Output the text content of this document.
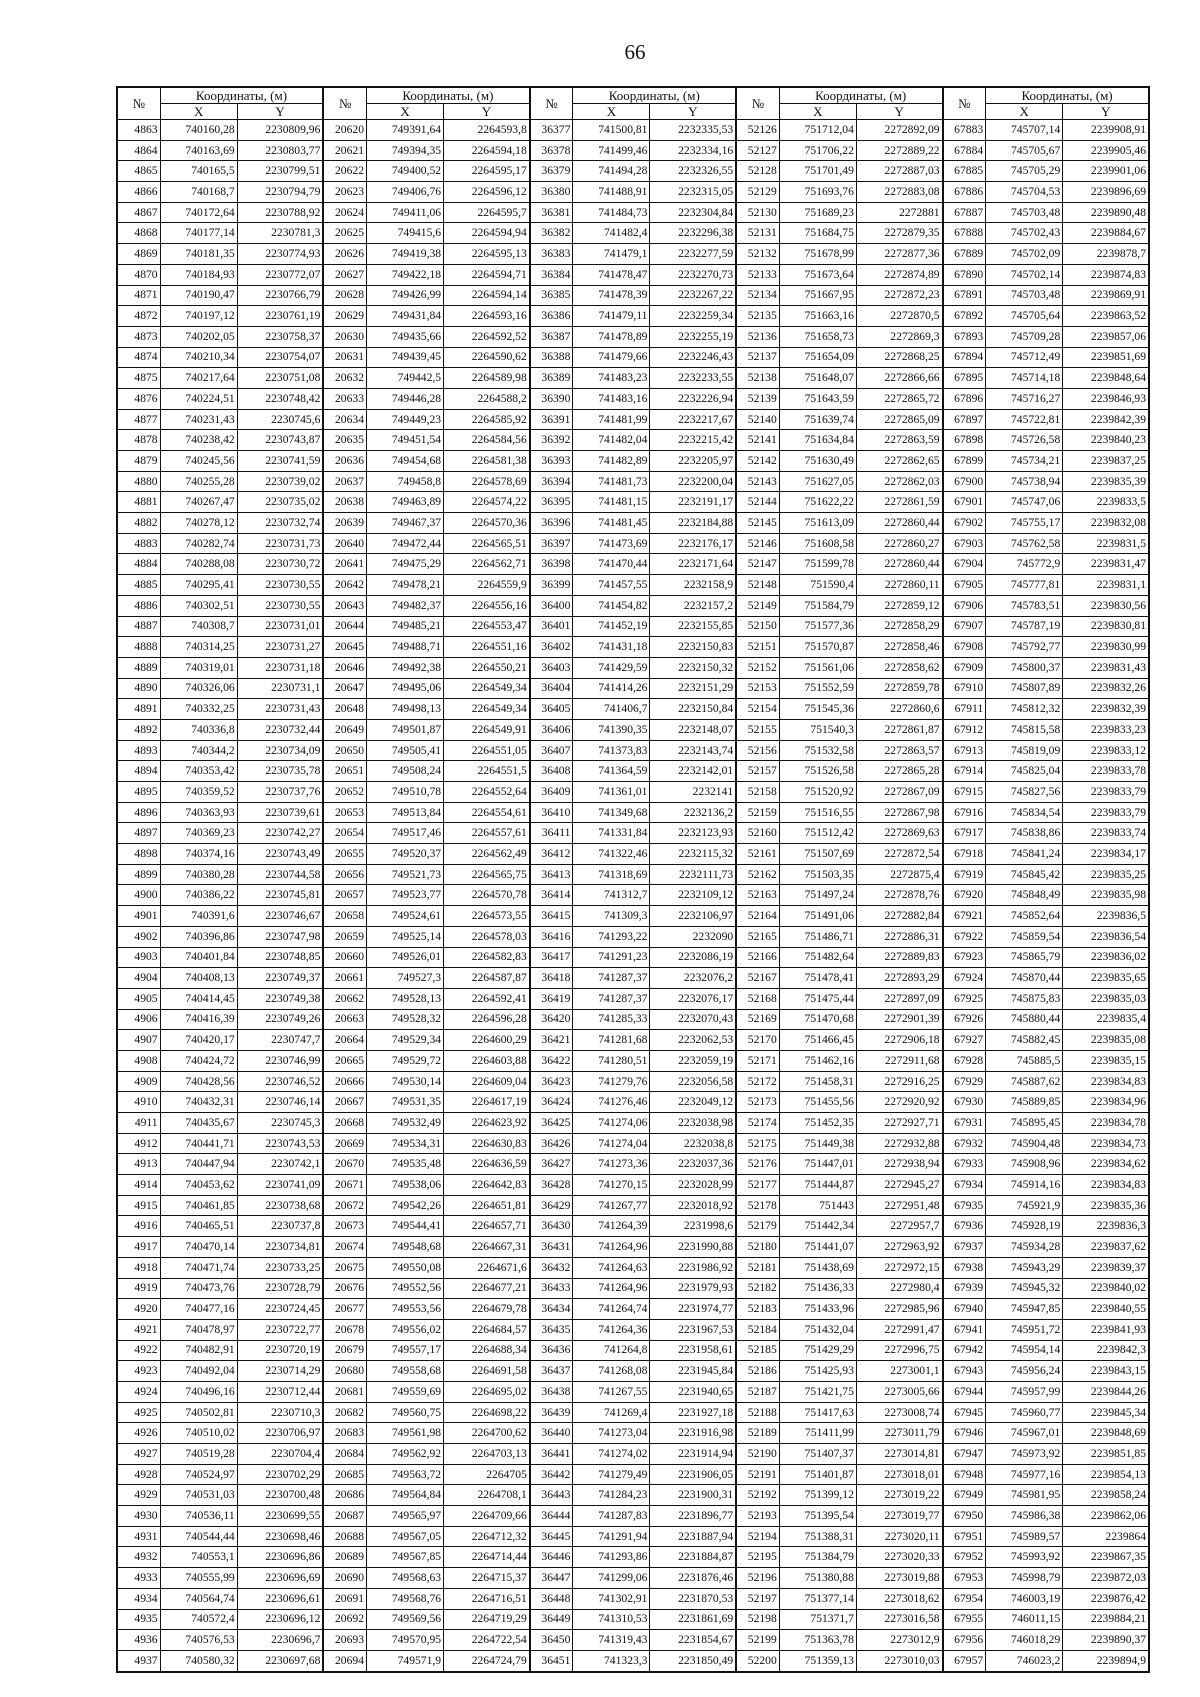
66
№	Координаты, (м)		№	Координаты, (м)		№	Координаты, (м)		№	Координаты, (м)		№	Координаты, (м)	
	X	Y		X	Y		X	Y		X	Y		X	Y
4863	740160,28	2230809,96	20620	749391,64	2264593,8	36377	741500,81	2232335,53	52126	751712,04	2272892,09	67883	745707,14	2239908,91
4864	740163,69	2230803,77	20621	749394,35	2264594,18	36378	741499,46	2232334,16	52127	751706,22	2272889,22	67884	745705,67	2239905,46
4865	740165,5	2230799,51	20622	749400,52	2264595,17	36379	741494,28	2232326,55	52128	751701,49	2272887,03	67885	745705,29	2239901,06
4866	740168,7	2230794,79	20623	749406,76	2264596,12	36380	741488,91	2232315,05	52129	751693,76	2272883,08	67886	745704,53	2239896,69
4867	740172,64	2230788,92	20624	749411,06	2264595,7	36381	741484,73	2232304,84	52130	751689,23	2272881	67887	745703,48	2239890,48
4868	740177,14	2230781,3	20625	749415,6	2264594,94	36382	741482,4	2232296,38	52131	751684,75	2272879,35	67888	745702,43	2239884,67
4869	740181,35	2230774,93	20626	749419,38	2264595,13	36383	741479,1	2232277,59	52132	751678,99	2272877,36	67889	745702,09	2239878,7
4870	740184,93	2230772,07	20627	749422,18	2264594,71	36384	741478,47	2232270,73	52133	751673,64	2272874,89	67890	745702,14	2239874,83
4871	740190,47	2230766,79	20628	749426,99	2264594,14	36385	741478,39	2232267,22	52134	751667,95	2272872,23	67891	745703,48	2239869,91
4872	740197,12	2230761,19	20629	749431,84	2264593,16	36386	741479,11	2232259,34	52135	751663,16	2272870,5	67892	745705,64	2239863,52
4873	740202,05	2230758,37	20630	749435,66	2264592,52	36387	741478,89	2232255,19	52136	751658,73	2272869,3	67893	745709,28	2239857,06
4874	740210,34	2230754,07	20631	749439,45	2264590,62	36388	741479,66	2232246,43	52137	751654,09	2272868,25	67894	745712,49	2239851,69
4875	740217,64	2230751,08	20632	749442,5	2264589,98	36389	741483,23	2232233,55	52138	751648,07	2272866,66	67895	745714,18	2239848,64
4876	740224,51	2230748,42	20633	749446,28	2264588,2	36390	741483,16	2232226,94	52139	751643,59	2272865,72	67896	745716,27	2239846,93
4877	740231,43	2230745,6	20634	749449,23	2264585,92	36391	741481,99	2232217,67	52140	751639,74	2272865,09	67897	745722,81	2239842,39
4878	740238,42	2230743,87	20635	749451,54	2264584,56	36392	741482,04	2232215,42	52141	751634,84	2272863,59	67898	745726,58	2239840,23
4879	740245,56	2230741,59	20636	749454,68	2264581,38	36393	741482,89	2232205,97	52142	751630,49	2272862,65	67899	745734,21	2239837,25
4880	740255,28	2230739,02	20637	749458,8	2264578,69	36394	741481,73	2232200,04	52143	751627,05	2272862,03	67900	745738,94	2239835,39
4881	740267,47	2230735,02	20638	749463,89	2264574,22	36395	741481,15	2232191,17	52144	751622,22	2272861,59	67901	745747,06	2239833,5
4882	740278,12	2230732,74	20639	749467,37	2264570,36	36396	741481,45	2232184,88	52145	751613,09	2272860,44	67902	745755,17	2239832,08
4883	740282,74	2230731,73	20640	749472,44	2264565,51	36397	741473,69	2232176,17	52146	751608,58	2272860,27	67903	745762,58	2239831,5
4884	740288,08	2230730,72	20641	749475,29	2264562,71	36398	741470,44	2232171,64	52147	751599,78	2272860,44	67904	745772,9	2239831,47
4885	740295,41	2230730,55	20642	749478,21	2264559,9	36399	741457,55	2232158,9	52148	751590,4	2272860,11	67905	745777,81	2239831,1
4886	740302,51	2230730,55	20643	749482,37	2264556,16	36400	741454,82	2232157,2	52149	751584,79	2272859,12	67906	745783,51	2239830,56
4887	740308,7	2230731,01	20644	749485,21	2264553,47	36401	741452,19	2232155,85	52150	751577,36	2272858,29	67907	745787,19	2239830,81
4888	740314,25	2230731,27	20645	749488,71	2264551,16	36402	741431,18	2232150,83	52151	751570,87	2272858,46	67908	745792,77	2239830,99
4889	740319,01	2230731,18	20646	749492,38	2264550,21	36403	741429,59	2232150,32	52152	751561,06	2272858,62	67909	745800,37	2239831,43
4890	740326,06	2230731,1	20647	749495,06	2264549,34	36404	741414,26	2232151,29	52153	751552,59	2272859,78	67910	745807,89	2239832,26
4891	740332,25	2230731,43	20648	749498,13	2264549,34	36405	741406,7	2232150,84	52154	751545,36	2272860,6	67911	745812,32	2239832,39
4892	740336,8	2230732,44	20649	749501,87	2264549,91	36406	741390,35	2232148,07	52155	751540,3	2272861,87	67912	745815,58	2239833,23
4893	740344,2	2230734,09	20650	749505,41	2264551,05	36407	741373,83	2232143,74	52156	751532,58	2272863,57	67913	745819,09	2239833,12
4894	740353,42	2230735,78	20651	749508,24	2264551,5	36408	741364,59	2232142,01	52157	751526,58	2272865,28	67914	745825,04	2239833,78
4895	740359,52	2230737,76	20652	749510,78	2264552,64	36409	741361,01	2232141	52158	751520,92	2272867,09	67915	745827,56	2239833,79
4896	740363,93	2230739,61	20653	749513,84	2264554,61	36410	741349,68	2232136,2	52159	751516,55	2272867,98	67916	745834,54	2239833,79
4897	740369,23	2230742,27	20654	749517,46	2264557,61	36411	741331,84	2232123,93	52160	751512,42	2272869,63	67917	745838,86	2239833,74
4898	740374,16	2230743,49	20655	749520,37	2264562,49	36412	741322,46	2232115,32	52161	751507,69	2272872,54	67918	745841,24	2239834,17
4899	740380,28	2230744,58	20656	749521,73	2264565,75	36413	741318,69	2232111,73	52162	751503,35	2272875,4	67919	745845,42	2239835,25
4900	740386,22	2230745,81	20657	749523,77	2264570,78	36414	741312,7	2232109,12	52163	751497,24	2272878,76	67920	745848,49	2239835,98
4901	740391,6	2230746,67	20658	749524,61	2264573,55	36415	741309,3	2232106,97	52164	751491,06	2272882,84	67921	745852,64	2239836,5
4902	740396,86	2230747,98	20659	749525,14	2264578,03	36416	741293,22	2232090	52165	751486,71	2272886,31	67922	745859,54	2239836,54
4903	740401,84	2230748,85	20660	749526,01	2264582,83	36417	741291,23	2232086,19	52166	751482,64	2272889,83	67923	745865,79	2239836,02
4904	740408,13	2230749,37	20661	749527,3	2264587,87	36418	741287,37	2232076,2	52167	751478,41	2272893,29	67924	745870,44	2239835,65
4905	740414,45	2230749,38	20662	749528,13	2264592,41	36419	741287,37	2232076,17	52168	751475,44	2272897,09	67925	745875,83	2239835,03
4906	740416,39	2230749,26	20663	749528,32	2264596,28	36420	741285,33	2232070,43	52169	751470,68	2272901,39	67926	745880,44	2239835,4
4907	740420,17	2230747,7	20664	749529,34	2264600,29	36421	741281,68	2232062,53	52170	751466,45	2272906,18	67927	745882,45	2239835,08
4908	740424,72	2230746,99	20665	749529,72	2264603,88	36422	741280,51	2232059,19	52171	751462,16	2272911,68	67928	745885,5	2239835,15
4909	740428,56	2230746,52	20666	749530,14	2264609,04	36423	741279,76	2232056,58	52172	751458,31	2272916,25	67929	745887,62	2239834,83
4910	740432,31	2230746,14	20667	749531,35	2264617,19	36424	741276,46	2232049,12	52173	751455,56	2272920,92	67930	745889,85	2239834,96
4911	740435,67	2230745,3	20668	749532,49	2264623,92	36425	741274,06	2232038,98	52174	751452,35	2272927,71	67931	745895,45	2239834,78
4912	740441,71	2230743,53	20669	749534,31	2264630,83	36426	741274,04	2232038,8	52175	751449,38	2272932,88	67932	745904,48	2239834,73
4913	740447,94	2230742,1	20670	749535,48	2264636,59	36427	741273,36	2232037,36	52176	751447,01	2272938,94	67933	745908,96	2239834,62
4914	740453,62	2230741,09	20671	749538,06	2264642,83	36428	741270,15	2232028,99	52177	751444,87	2272945,27	67934	745914,16	2239834,83
4915	740461,85	2230738,68	20672	749542,26	2264651,81	36429	741267,77	2232018,92	52178	751443	2272951,48	67935	745921,9	2239835,36
4916	740465,51	2230737,8	20673	749544,41	2264657,71	36430	741264,39	2231998,6	52179	751442,34	2272957,7	67936	745928,19	2239836,3
4917	740470,14	2230734,81	20674	749548,68	2264667,31	36431	741264,96	2231990,88	52180	751441,07	2272963,92	67937	745934,28	2239837,62
4918	740471,74	2230733,25	20675	749550,08	2264671,6	36432	741264,63	2231986,92	52181	751438,69	2272972,15	67938	745943,29	2239839,37
4919	740473,76	2230728,79	20676	749552,56	2264677,21	36433	741264,96	2231979,93	52182	751436,33	2272980,4	67939	745945,32	2239840,02
4920	740477,16	2230724,45	20677	749553,56	2264679,78	36434	741264,74	2231974,77	52183	751433,96	2272985,96	67940	745947,85	2239840,55
4921	740478,97	2230722,77	20678	749556,02	2264684,57	36435	741264,36	2231967,53	52184	751432,04	2272991,47	67941	745951,72	2239841,93
4922	740482,91	2230720,19	20679	749557,17	2264688,34	36436	741264,8	2231958,61	52185	751429,29	2272996,75	67942	745954,14	2239842,3
4923	740492,04	2230714,29	20680	749558,68	2264691,58	36437	741268,08	2231945,84	52186	751425,93	2273001,1	67943	745956,24	2239843,15
4924	740496,16	2230712,44	20681	749559,69	2264695,02	36438	741267,55	2231940,65	52187	751421,75	2273005,66	67944	745957,99	2239844,26
4925	740502,81	2230710,3	20682	749560,75	2264698,22	36439	741269,4	2231927,18	52188	751417,63	2273008,74	67945	745960,77	2239845,34
4926	740510,02	2230706,97	20683	749561,98	2264700,62	36440	741273,04	2231916,98	52189	751411,99	2273011,79	67946	745967,01	2239848,69
4927	740519,28	2230704,4	20684	749562,92	2264703,13	36441	741274,02	2231914,94	52190	751407,37	2273014,81	67947	745973,92	2239851,85
4928	740524,97	2230702,29	20685	749563,72	2264705	36442	741279,49	2231906,05	52191	751401,87	2273018,01	67948	745977,16	2239854,13
4929	740531,03	2230700,48	20686	749564,84	2264708,1	36443	741284,23	2231900,31	52192	751399,12	2273019,22	67949	745981,95	2239858,24
4930	740536,11	2230699,55	20687	749565,97	2264709,66	36444	741287,83	2231896,77	52193	751395,54	2273019,77	67950	745986,38	2239862,06
4931	740544,44	2230698,46	20688	749567,05	2264712,32	36445	741291,94	2231887,94	52194	751388,31	2273020,11	67951	745989,57	2239864
4932	740553,1	2230696,86	20689	749567,85	2264714,44	36446	741293,86	2231884,87	52195	751384,79	2273020,33	67952	745993,92	2239867,35
4933	740555,99	2230696,69	20690	749568,63	2264715,37	36447	741299,06	2231876,46	52196	751380,88	2273019,88	67953	745998,79	2239872,03
4934	740564,74	2230696,61	20691	749568,76	2264716,51	36448	741302,91	2231870,53	52197	751377,14	2273018,62	67954	746003,19	2239876,42
4935	740572,4	2230696,12	20692	749569,56	2264719,29	36449	741310,53	2231861,69	52198	751371,7	2273016,58	67955	746011,15	2239884,21
4936	740576,53	2230696,7	20693	749570,95	2264722,54	36450	741319,43	2231854,67	52199	751363,78	2273012,9	67956	746018,29	2239890,37
4937	740580,32	2230697,68	20694	749571,9	2264724,79	36451	741323,3	2231850,49	52200	751359,13	2273010,03	67957	746023,2	2239894,9
